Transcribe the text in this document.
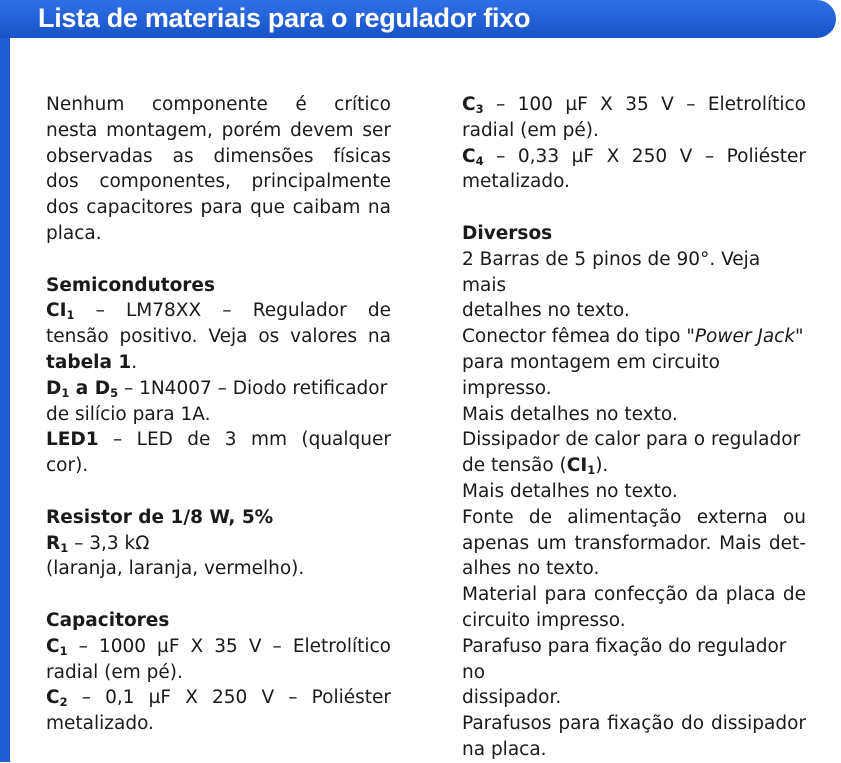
Lista de materiais para o regulador fixo

Nenhum componente é crítico

nesta montagem, porém devem ser

observadas as dimensões físicas

dos componentes, principalmente

dos capacitores para que caibam na

placa.

Semicondutores

$CI_1 - LM78XX$ – Regulador de

tensão positivo. Veja os valores na

tabela 1.

$D_1$ a $D_5 - 1N4007$ – Diodo retificador

de silício para 1A.

LED1 – LED de 3 mm (qualquer

cor).

Resistor de 1/8 W, 5%

$R_1 - 3,3$ kΩ

(laranja, laranja, vermelho).

Capacitores

$C_1 - 1000$ µF X 35 V – Eletrolítico

radial (em pé).

$C_2 - 0,1$ µF X 250 V – Poliéster

metalizado.

$C_3 - 100$ µF X 35 V – Eletrolítico

radial (em pé).

$C_4 - 0,33$ µF X 250 V – Poliéster

metalizado.

Diversos

2 Barras de 5 pinos de 90°. Veja mais

detalhes no texto.

Conector fêmea do tipo "Power Jack"

para montagem em circuito impresso.

Mais detalhes no texto.

Dissipador de calor para o regulador

de tensão $(CI_1)$.

Mais detalhes no texto.

Fonte de alimentação externa ou

apenas um transformador. Mais det-

alhes no texto.

Material para confecção da placa de

circuito impresso.

Parafuso para fixação do regulador no

dissipador.

Parafusos para fixação do dissipador

na placa.
